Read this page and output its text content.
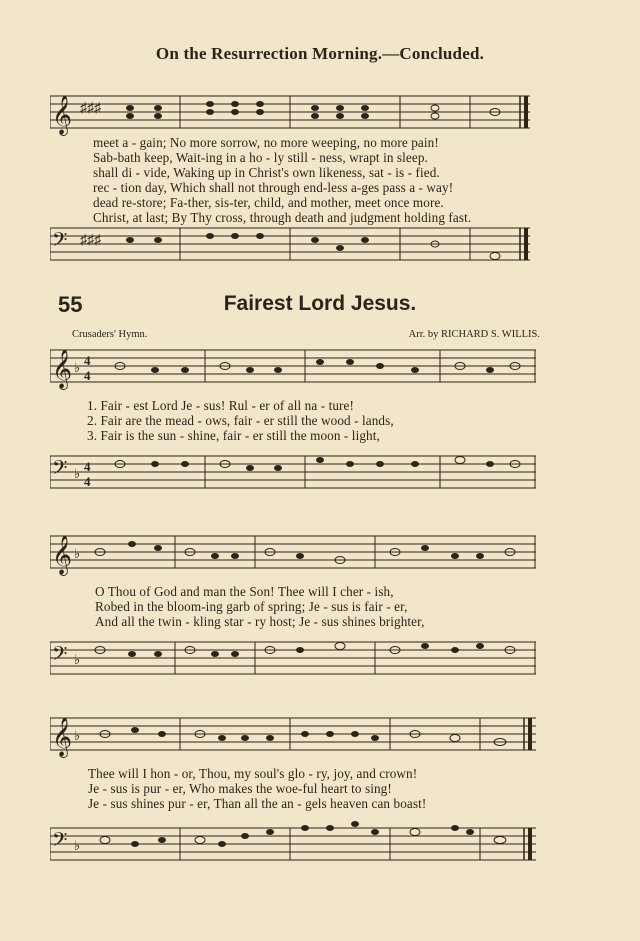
On the Resurrection Morning.—Concluded.
𝄞 ♯♯♯
meet a - gain; No more sorrow, no more weeping, no more pain!
Sab-bath keep, Wait-ing in a ho - ly still - ness, wrapt in sleep.
shall di - vide, Waking up in Christ's own likeness, sat - is - fied.
rec - tion day, Which shall not through end-less a-ges pass a - way!
dead re-store; Fa-ther, sis-ter, child, and mother, meet once more.
Christ, at last; By Thy cross, through death and judgment holding fast.
𝄢 ♯♯♯
55	Fairest Lord Jesus.
Crusaders' Hymn.	Arr. by RICHARD S. WILLIS.
𝄞 ♭ 4
4
1. Fair - est Lord Je - sus! Rul - er of all na - ture!
2. Fair are the mead - ows, fair - er still the wood - lands,
3. Fair is the sun - shine, fair - er still the moon - light,
𝄢 ♭ 4
4
𝄞 ♭
O Thou of God and man the Son! Thee will I cher - ish,
Robed in the bloom-ing garb of spring; Je - sus is fair - er,
And all the twin - kling star - ry host; Je - sus shines brighter,
𝄢 ♭
𝄞 ♭
Thee will I hon - or, Thou, my soul's glo - ry, joy, and crown!
Je - sus is pur - er, Who makes the woe-ful heart to sing!
Je - sus shines pur - er, Than all the an - gels heaven can boast!
𝄢 ♭
